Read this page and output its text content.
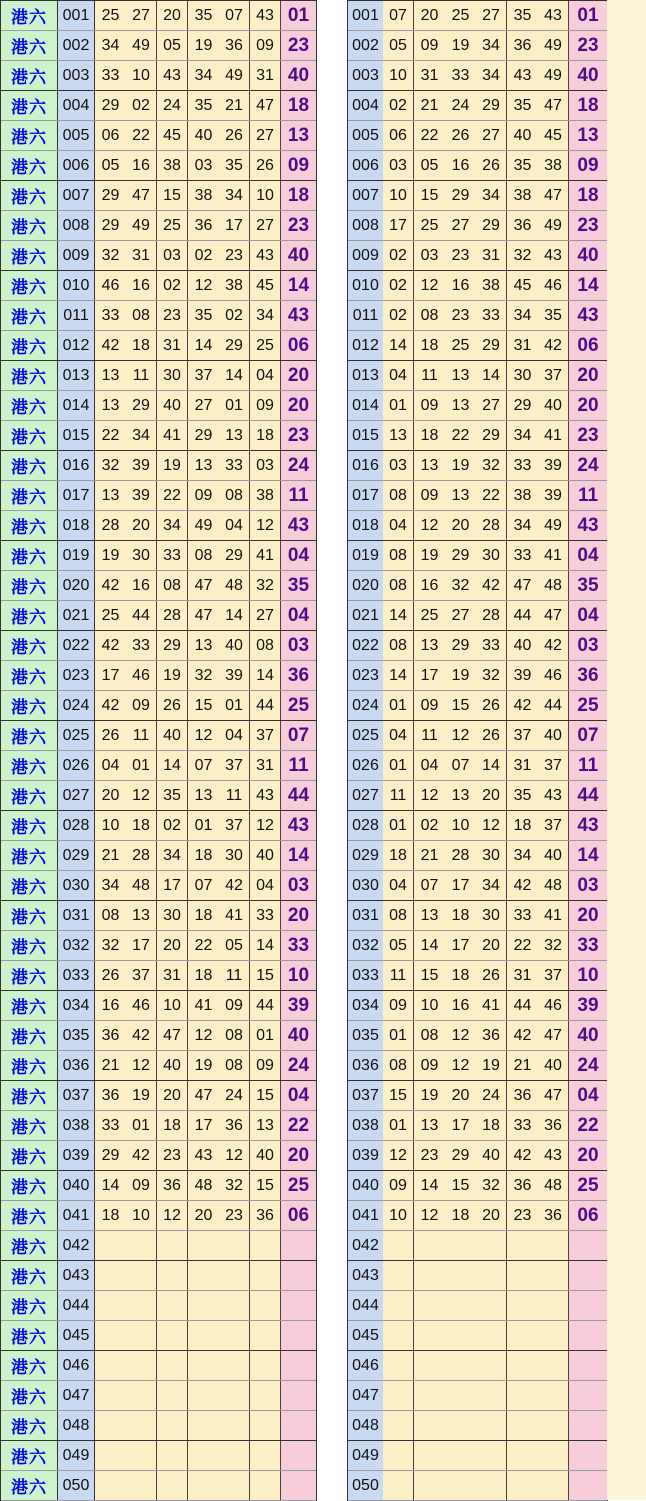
港六 001 25 27 20 35 07 43 01
港六 002 34 49 05 19 36 09 23
港六 003 33 10 43 34 49 31 40
港六 004 29 02 24 35 21 47 18
港六 005 06 22 45 40 26 27 13
港六 006 05 16 38 03 35 26 09
港六 007 29 47 15 38 34 10 18
港六 008 29 49 25 36 17 27 23
港六 009 32 31 03 02 23 43 40
港六 010 46 16 02 12 38 45 14
港六	011 33 08 23 35 02 34 43
港六 012 42 18 31 14 29 25 06
港六 013 13 11 30 37 14 04 20
港六 014 13 29 40 27 01 09 20
港六 015 22 34 41 29 13 18 23
港六 016 32 39 19 13 33 03 24
港六 017 13 39 22 09 08 38 11
港六 018 28 20 34 49 04 12 43
港六 019 19 30 33 08 29 41 04
港六 020 42 16 08 47 48 32 35
港六 021 25 44 28 47 14 27 04
港六 022 42 33 29 13 40 08 03
港六 023 17 46 19 32 39 14 36
港六 024 42 09 26 15 01 44 25
港六 025 26 11 40 12 04 37 07
港六 026 04 01 14 07 37 31 11
港六 027 20 12 35 13 11 43 44
港六 028 10 18 02 01 37 12 43
港六 029 21 28 34 18 30 40 14
港六 030 34 48 17 07 42 04 03
港六 031 08 13 30 18 41 33 20
港六 032 32 17 20 22 05 14 33
港六 033 26 37 31 18 11 15 10
港六 034 16 46 10 41 09 44 39
港六 035 36 42 47 12 08 01 40
港六 036 21 12 40 19 08 09 24
港六 037 36 19 20 47 24 15 04
港六 038 33 01 18 17 36 13 22
港六 039 29 42 23 43 12 40 20
港六 040 14 09 36 48 32 15 25
港六 041 18 10 12 20 23 36 06
港六 042
港六 043
港六 044
港六 045
港六 046
港六 047
港六 048
港六 049
港六 050
001 07 20 25 27 35 43 01
002 05 09 19 34 36 49 23
003 10 31 33 34 43 49 40
004 02 21 24 29 35 47 18
005 06 22 26 27 40 45 13
006 03 05 16 26 35 38 09
007 10 15 29 34 38 47 18
008 17 25 27 29 36 49 23
009 02 03 23 31 32 43 40
010 02 12 16 38 45 46 14
011 02 08 23 33 34 35 43
012 14 18 25 29 31 42 06
013 04 11 13 14 30 37 20
014 01 09 13 27 29 40 20
015 13 18 22 29 34 41 23
016 03 13 19 32 33 39 24
017 08 09 13 22 38 39 11
018 04 12 20 28 34 49 43
019 08 19 29 30 33 41 04
020 08 16 32 42 47 48 35
021 14 25 27 28 44 47 04
022 08 13 29 33 40 42 03
023 14 17 19 32 39 46 36
024 01 09 15 26 42 44 25
025 04 11 12 26 37 40 07
026 01 04 07 14 31 37 11
027 11 12 13 20 35 43 44
028 01 02 10 12 18 37 43
029 18 21 28 30 34 40 14
030 04 07 17 34 42 48 03
031 08 13 18 30 33 41 20
032 05 14 17 20 22 32 33
033 11 15 18 26 31 37 10
034 09 10 16 41 44 46 39
035 01 08 12 36 42 47 40
036 08 09 12 19 21 40 24
037 15 19 20 24 36 47 04
038 01 13 17 18 33 36 22
039 12 23 29 40 42 43 20
040 09 14 15 32 36 48 25
041 10 12 18 20 23 36 06
042
043
044
045
046
047
048
049
050
